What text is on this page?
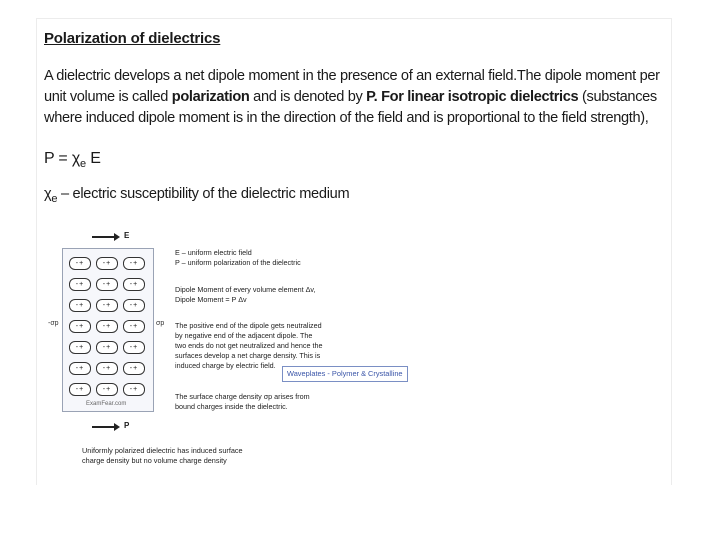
Polarization of dielectrics
A dielectric develops a net dipole moment in the presence of an external field.The dipole moment per unit volume is called polarization and is denoted by P. For linear isotropic dielectrics (substances where induced dipole moment is in the direction of the field and is proportional to the field strength),
$P = \chi_e$ E
$\chi_e$ – electric susceptibility of the dielectric medium
E
-+	-+	-+
-+	-+	-+
-+	-+	-+
-+	-+	-+
-+	-+	-+
-+	-+	-+
-+	-+	-+
-σp	σp
ExamFear.com
P
E – uniform electric field
P – uniform polarization of the dielectric
Dipole Moment of every volume element Δv,
Dipole Moment = P Δv
The positive end of the dipole gets neutralized
by negative end of the adjacent dipole. The
two ends do not get neutralized and hence the
surfaces develop a net charge density. This is
induced charge by electric field.
Waveplates - Polymer & Crystalline
The surface charge density σp arises from
bound charges inside the dielectric.
Uniformly polarized dielectric has induced surface
charge density but no volume charge density
